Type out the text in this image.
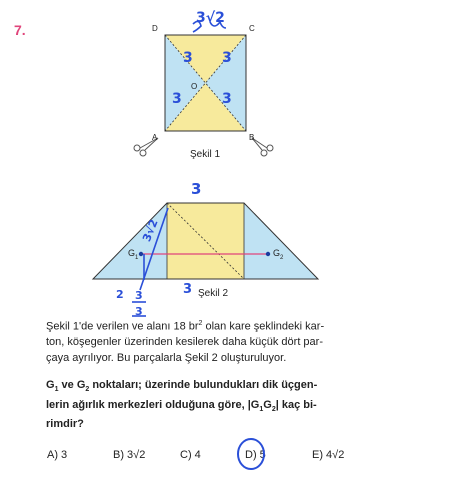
7.	D	C
A	B
O
Şekil 1
3√2
3 3
3	3
3
3√2
3
2 3
3
$G_1$	$G_2$
Şekil 2
Şekil 1'de verilen ve alanı 18 $br^2$ olan kare şeklindeki kar-
ton, köşegenler üzerinden kesilerek daha küçük dört par-
çaya ayrılıyor. Bu parçalarla Şekil 2 oluşturuluyor.
$G_1$ ve $G_2$ noktaları; üzerinde bulundukları dik üçgen-
lerin ağırlık merkezleri olduğuna göre, $|G_1G_2|$ kaç bi-
rimdir?
A) 3	B) 3√2	C) 4	D) 5	E) 4√2
